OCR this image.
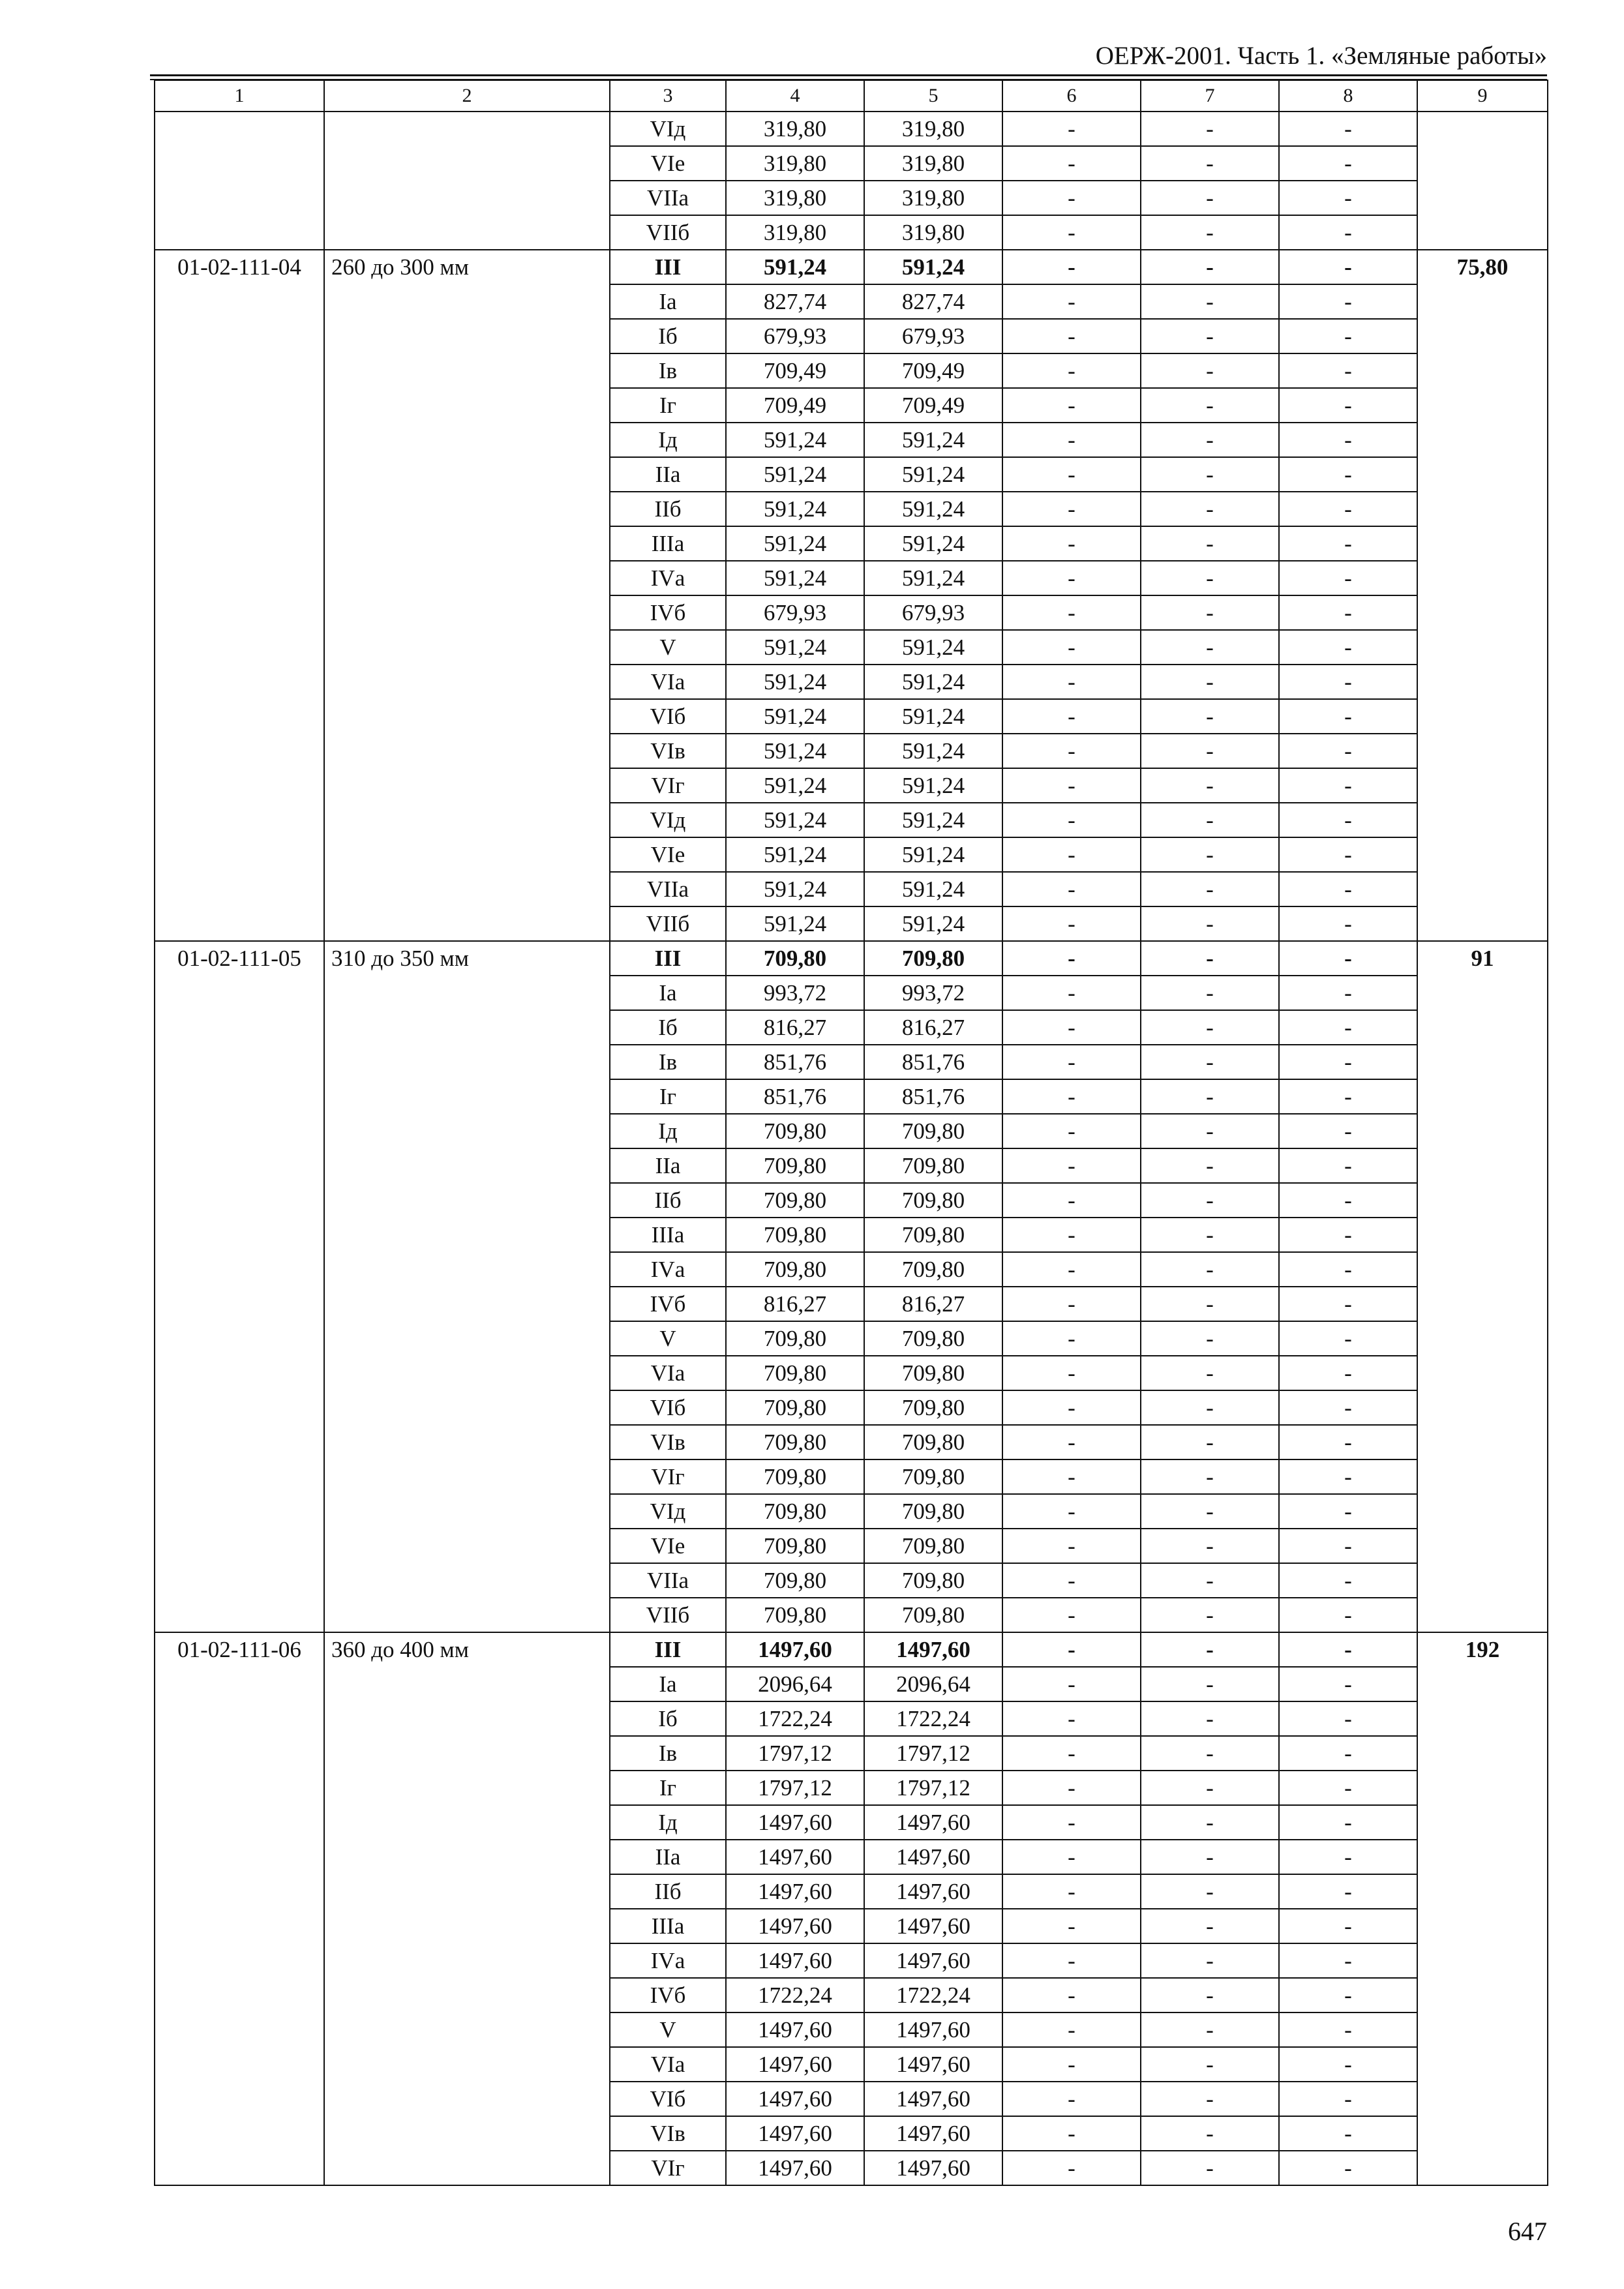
ОЕРЖ-2001. Часть 1. «Земляные работы»
1	2	3	4	5	6	7	8	9
		VIд	319,80	319,80	-	-	-	
		VIе	319,80	319,80	-	-	-	
		VIIа	319,80	319,80	-	-	-	
		VIIб	319,80	319,80	-	-	-	
01-02-111-04	260 до 300 мм	III	591,24	591,24	-	-	-	75,80
		Iа	827,74	827,74	-	-	-	
		Iб	679,93	679,93	-	-	-	
		Iв	709,49	709,49	-	-	-	
		Iг	709,49	709,49	-	-	-	
		Iд	591,24	591,24	-	-	-	
		IIа	591,24	591,24	-	-	-	
		IIб	591,24	591,24	-	-	-	
		IIIа	591,24	591,24	-	-	-	
		IVа	591,24	591,24	-	-	-	
		IVб	679,93	679,93	-	-	-	
		V	591,24	591,24	-	-	-	
		VIа	591,24	591,24	-	-	-	
		VIб	591,24	591,24	-	-	-	
		VIв	591,24	591,24	-	-	-	
		VIг	591,24	591,24	-	-	-	
		VIд	591,24	591,24	-	-	-	
		VIе	591,24	591,24	-	-	-	
		VIIа	591,24	591,24	-	-	-	
		VIIб	591,24	591,24	-	-	-	
01-02-111-05	310 до 350 мм	III	709,80	709,80	-	-	-	91
		Iа	993,72	993,72	-	-	-	
		Iб	816,27	816,27	-	-	-	
		Iв	851,76	851,76	-	-	-	
		Iг	851,76	851,76	-	-	-	
		Iд	709,80	709,80	-	-	-	
		IIа	709,80	709,80	-	-	-	
		IIб	709,80	709,80	-	-	-	
		IIIа	709,80	709,80	-	-	-	
		IVа	709,80	709,80	-	-	-	
		IVб	816,27	816,27	-	-	-	
		V	709,80	709,80	-	-	-	
		VIа	709,80	709,80	-	-	-	
		VIб	709,80	709,80	-	-	-	
		VIв	709,80	709,80	-	-	-	
		VIг	709,80	709,80	-	-	-	
		VIд	709,80	709,80	-	-	-	
		VIе	709,80	709,80	-	-	-	
		VIIа	709,80	709,80	-	-	-	
		VIIб	709,80	709,80	-	-	-	
01-02-111-06	360 до 400 мм	III	1497,60	1497,60	-	-	-	192
		Iа	2096,64	2096,64	-	-	-	
		Iб	1722,24	1722,24	-	-	-	
		Iв	1797,12	1797,12	-	-	-	
		Iг	1797,12	1797,12	-	-	-	
		Iд	1497,60	1497,60	-	-	-	
		IIа	1497,60	1497,60	-	-	-	
		IIб	1497,60	1497,60	-	-	-	
		IIIа	1497,60	1497,60	-	-	-	
		IVа	1497,60	1497,60	-	-	-	
		IVб	1722,24	1722,24	-	-	-	
		V	1497,60	1497,60	-	-	-	
		VIа	1497,60	1497,60	-	-	-	
		VIб	1497,60	1497,60	-	-	-	
		VIв	1497,60	1497,60	-	-	-	
		VIг	1497,60	1497,60	-	-	-	
647
